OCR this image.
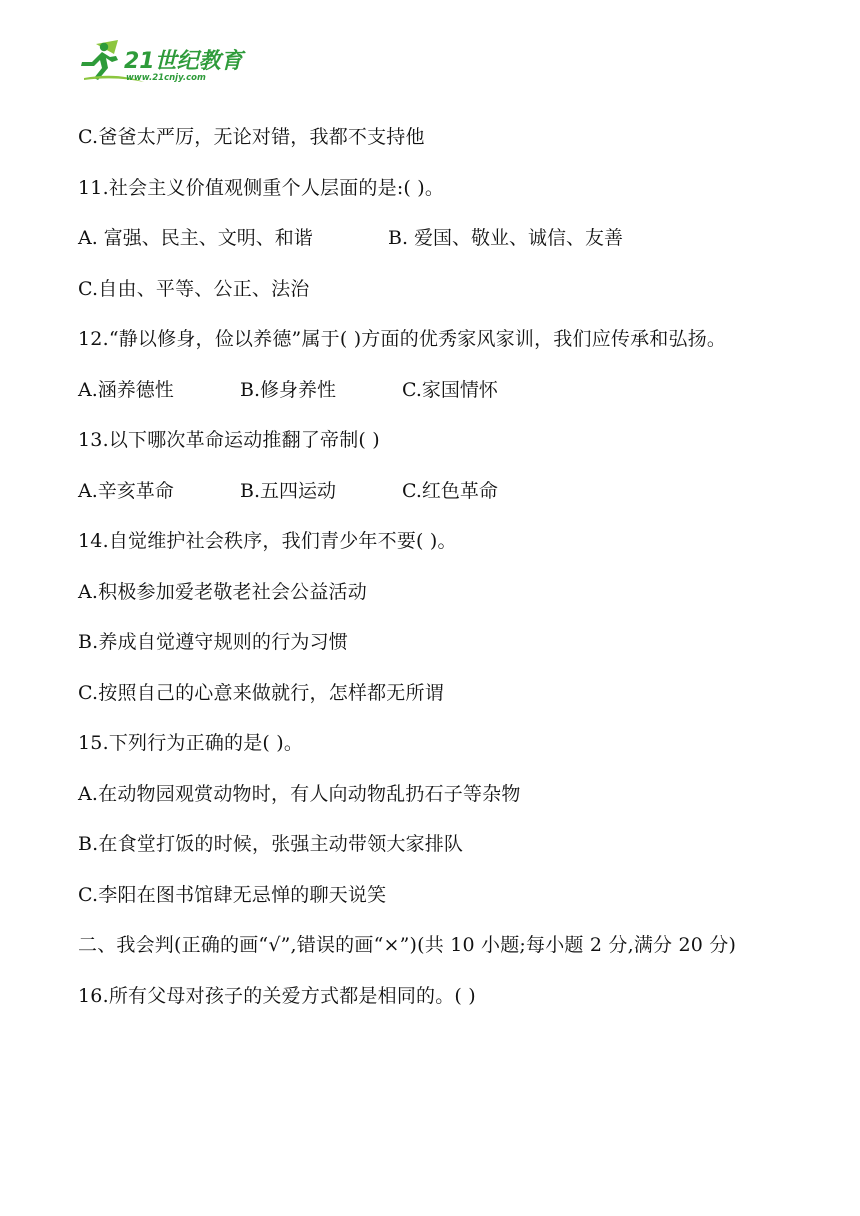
21世纪教育
www.21cnjy.com
C.爸爸太严厉，无论对错，我都不支持他
11.社会主义价值观侧重个人层面的是:( )。
A. 富强、民主、文明、和谐	B. 爱国、敬业、诚信、友善
C.自由、平等、公正、法治
12.“静以修身，俭以养德”属于( )方面的优秀家风家训，我们应传承和弘扬。
A.涵养德性	B.修身养性	C.家国情怀
13.以下哪次革命运动推翻了帝制( )
A.辛亥革命	B.五四运动	C.红色革命
14.自觉维护社会秩序，我们青少年不要( )。
A.积极参加爱老敬老社会公益活动
B.养成自觉遵守规则的行为习惯
C.按照自己的心意来做就行，怎样都无所谓
15.下列行为正确的是( )。
A.在动物园观赏动物时，有人向动物乱扔石子等杂物
B.在食堂打饭的时候，张强主动带领大家排队
C.李阳在图书馆肆无忌惮的聊天说笑
二、我会判(正确的画“√”,错误的画“×”)(共 10 小题;每小题 2 分,满分 20 分)
16.所有父母对孩子的关爱方式都是相同的。( )
